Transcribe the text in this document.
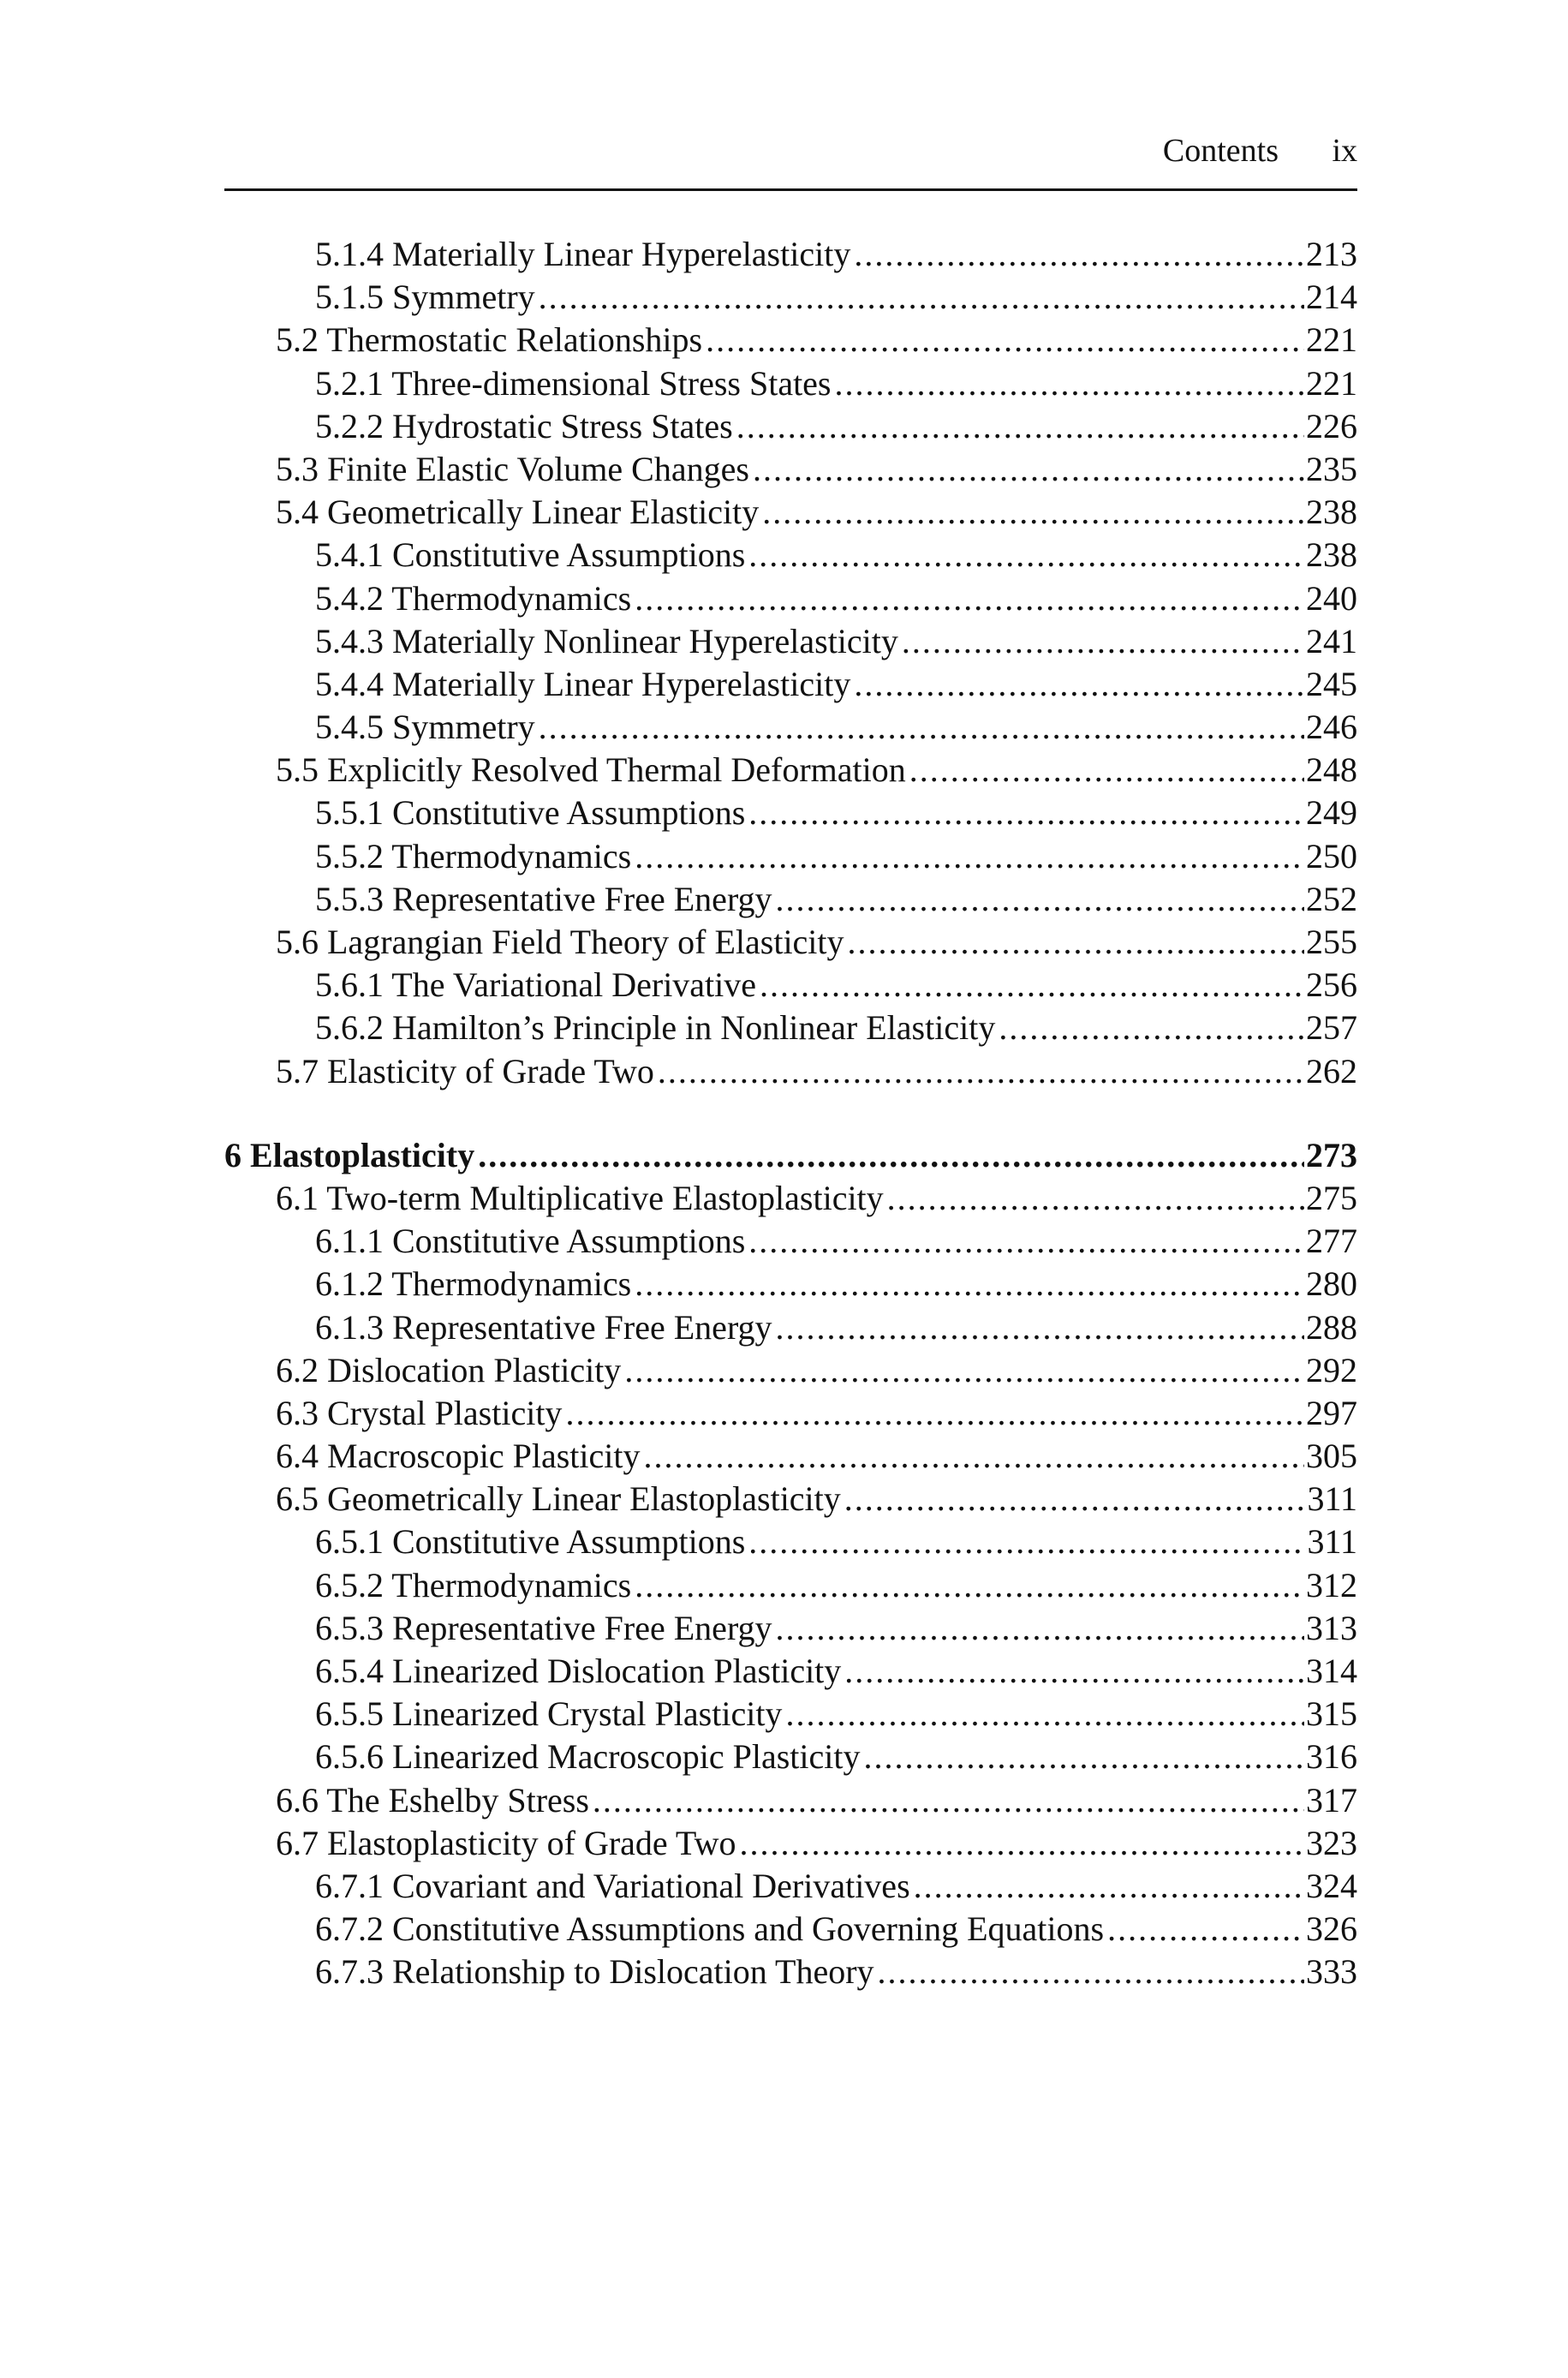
Contents ix
5.1.4 Materially Linear Hyperelasticity .....	213
5.1.5 Symmetry .....	214
5.2 Thermostatic Relationships .....	221
5.2.1 Three-dimensional Stress States .....	221
5.2.2 Hydrostatic Stress States .....	226
5.3 Finite Elastic Volume Changes .....	235
5.4 Geometrically Linear Elasticity .....	238
5.4.1 Constitutive Assumptions .....	238
5.4.2 Thermodynamics .....	240
5.4.3 Materially Nonlinear Hyperelasticity .....	241
5.4.4 Materially Linear Hyperelasticity .....	245
5.4.5 Symmetry .....	246
5.5 Explicitly Resolved Thermal Deformation .....	248
5.5.1 Constitutive Assumptions .....	249
5.5.2 Thermodynamics .....	250
5.5.3 Representative Free Energy .....	252
5.6 Lagrangian Field Theory of Elasticity .....	255
5.6.1 The Variational Derivative .....	256
5.6.2 Hamilton’s Principle in Nonlinear Elasticity .....	257
5.7 Elasticity of Grade Two .....	262
6 Elastoplasticity .....	273
6.1 Two-term Multiplicative Elastoplasticity .....	275
6.1.1 Constitutive Assumptions .....	277
6.1.2 Thermodynamics .....	280
6.1.3 Representative Free Energy .....	288
6.2 Dislocation Plasticity .....	292
6.3 Crystal Plasticity .....	297
6.4 Macroscopic Plasticity .....	305
6.5 Geometrically Linear Elastoplasticity .....	311
6.5.1 Constitutive Assumptions .....	311
6.5.2 Thermodynamics .....	312
6.5.3 Representative Free Energy .....	313
6.5.4 Linearized Dislocation Plasticity .....	314
6.5.5 Linearized Crystal Plasticity .....	315
6.5.6 Linearized Macroscopic Plasticity .....	316
6.6 The Eshelby Stress .....	317
6.7 Elastoplasticity of Grade Two .....	323
6.7.1 Covariant and Variational Derivatives .....	324
6.7.2 Constitutive Assumptions and Governing Equations .....	326
6.7.3 Relationship to Dislocation Theory .....	333
